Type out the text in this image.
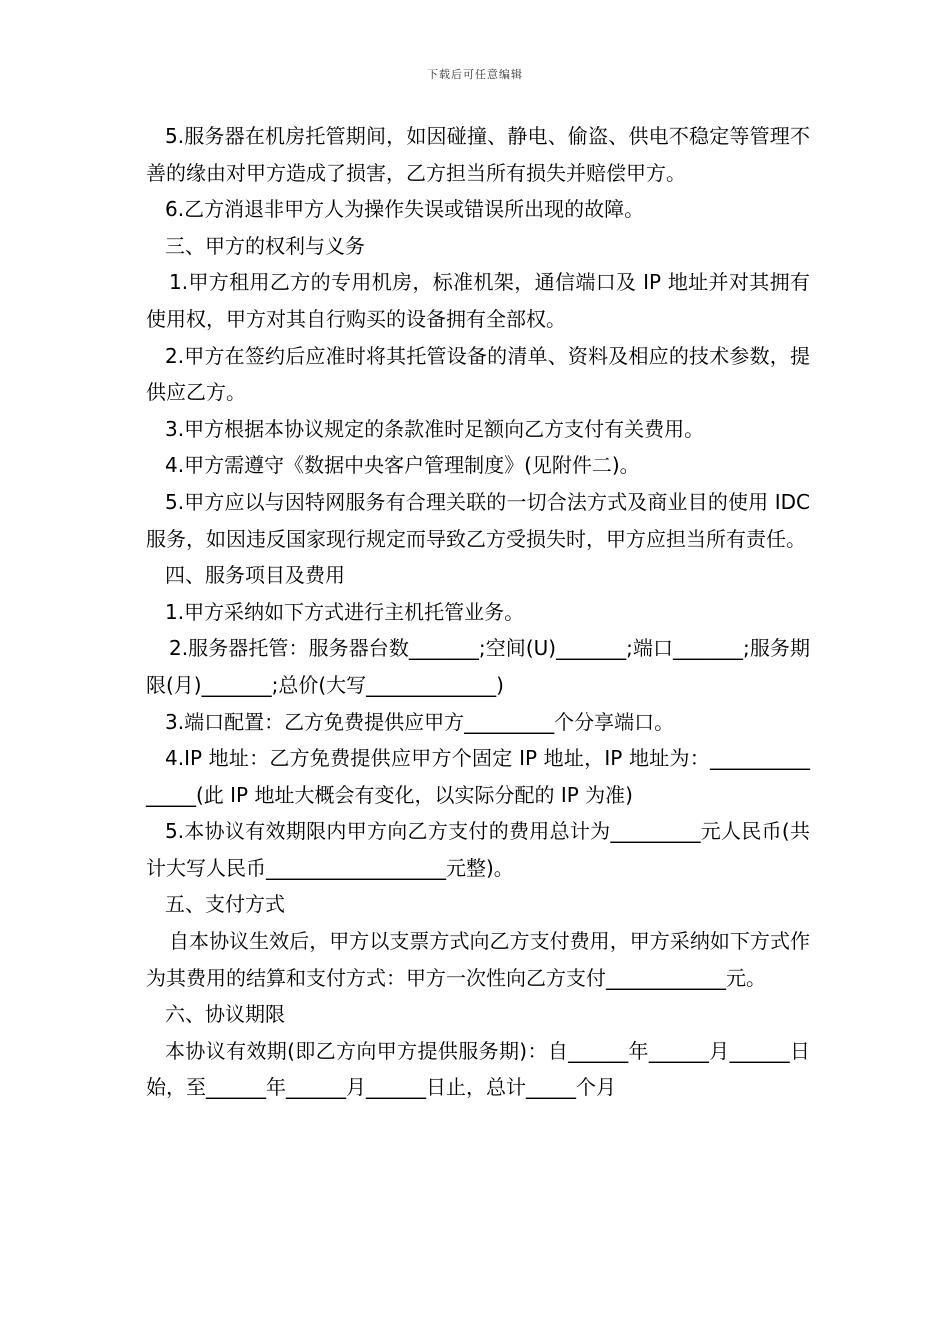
下载后可任意编辑

5.服务器在机房托管期间，如因碰撞、静电、偷盗、供电不稳定等管理不善的缘由对甲方造成了损害，乙方担当所有损失并赔偿甲方。

6.乙方消退非甲方人为操作失误或错误所出现的故障。

三、甲方的权利与义务

1.甲方租用乙方的专用机房，标准机架，通信端口及 IP 地址并对其拥有使用权，甲方对其自行购买的设备拥有全部权。

2.甲方在签约后应准时将其托管设备的清单、资料及相应的技术参数，提供应乙方。

3.甲方根据本协议规定的条款准时足额向乙方支付有关费用。

4.甲方需遵守《数据中央客户管理制度》(见附件二)。

5.甲方应以与因特网服务有合理关联的一切合法方式及商业目的使用 IDC 服务，如因违反国家现行规定而导致乙方受损失时，甲方应担当所有责任。

四、服务项目及费用

1.甲方采纳如下方式进行主机托管业务。

2.服务器托管：服务器台数_______;空间(U)_______;端口_______;服务期限(月)_______;总价(大写_____________)

3.端口配置：乙方免费提供应甲方_________个分享端口。

4.IP 地址：乙方免费提供应甲方个固定 IP 地址，IP 地址为：_______________(此 IP 地址大概会有变化，以实际分配的 IP 为准)

5.本协议有效期限内甲方向乙方支付的费用总计为_________元人民币(共计大写人民币__________________元整)。

五、支付方式

自本协议生效后，甲方以支票方式向乙方支付费用，甲方采纳如下方式作为其费用的结算和支付方式：甲方一次性向乙方支付____________元。

六、协议期限

本协议有效期(即乙方向甲方提供服务期)：自______年______月______日始，至______年______月______日止，总计_____个月
